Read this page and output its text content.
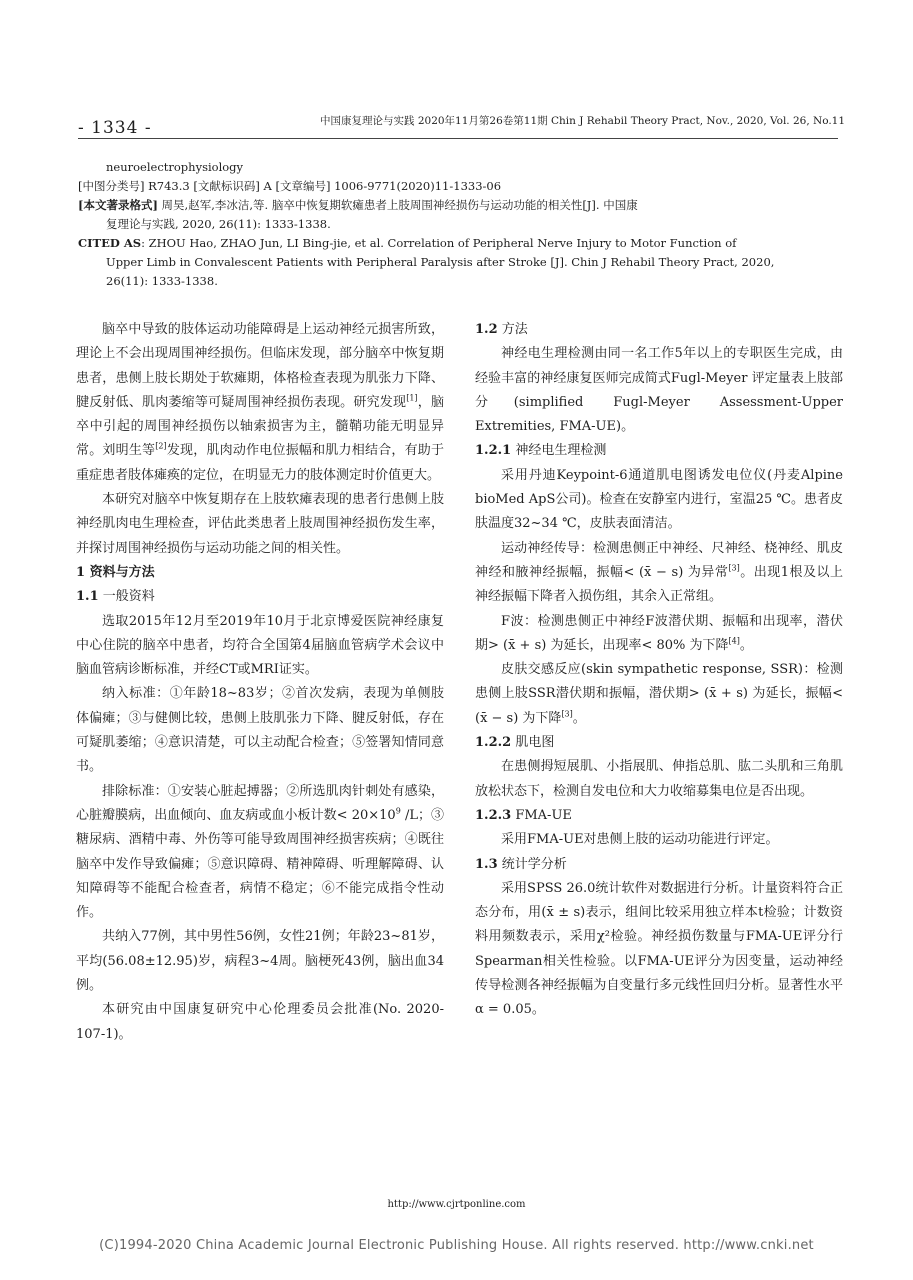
- 1334 -	中国康复理论与实践 2020年11月第26卷第11期 Chin J Rehabil Theory Pract, Nov., 2020, Vol. 26, No.11
neuroelectrophysiology
[中图分类号] R743.3 [文献标识码] A [文章编号] 1006-9771(2020)11-1333-06
[本文著录格式] 周昊,赵军,李冰洁,等. 脑卒中恢复期软瘫患者上肢周围神经损伤与运动功能的相关性[J]. 中国康
复理论与实践, 2020, 26(11): 1333-1338.
CITED AS: ZHOU Hao, ZHAO Jun, LI Bing-jie, et al. Correlation of Peripheral Nerve Injury to Motor Function of
Upper Limb in Convalescent Patients with Peripheral Paralysis after Stroke [J]. Chin J Rehabil Theory Pract, 2020,
26(11): 1333-1338.

脑卒中导致的肢体运动功能障碍是上运动神经元损害所致，理论上不会出现周围神经损伤。但临床发现，部分脑卒中恢复期患者，患侧上肢长期处于软瘫期，体格检查表现为肌张力下降、腱反射低、肌肉萎缩等可疑周围神经损伤表现。研究发现[1]，脑卒中引起的周围神经损伤以轴索损害为主，髓鞘功能无明显异常。刘明生等[2]发现，肌肉动作电位振幅和肌力相结合，有助于重症患者肢体瘫痪的定位，在明显无力的肢体测定时价值更大。

本研究对脑卒中恢复期存在上肢软瘫表现的患者行患侧上肢神经肌肉电生理检查，评估此类患者上肢周围神经损伤发生率，并探讨周围神经损伤与运动功能之间的相关性。

1 资料与方法

1.1 一般资料

选取2015年12月至2019年10月于北京博爱医院神经康复中心住院的脑卒中患者，均符合全国第4届脑血管病学术会议中脑血管病诊断标准，并经CT或MRI证实。

纳入标准：①年龄18~83岁；②首次发病，表现为单侧肢体偏瘫；③与健侧比较，患侧上肢肌张力下降、腱反射低，存在可疑肌萎缩；④意识清楚，可以主动配合检查；⑤签署知情同意书。

排除标准：①安装心脏起搏器；②所选肌肉针刺处有感染，心脏瓣膜病，出血倾向、血友病或血小板计数< $20\times 10^9$ /L；③糖尿病、酒精中毒、外伤等可能导致周围神经损害疾病；④既往脑卒中发作导致偏瘫；⑤意识障碍、精神障碍、听理解障碍、认知障碍等不能配合检查者，病情不稳定；⑥不能完成指令性动作。

共纳入77例，其中男性56例，女性21例；年龄23~81岁，平均(56.08±12.95)岁，病程3~4周。脑梗死43例，脑出血34例。

本研究由中国康复研究中心伦理委员会批准(No. 2020-107-1)。

1.2 方法

神经电生理检测由同一名工作5年以上的专职医生完成，由经验丰富的神经康复医师完成简式Fugl-Meyer 评定量表上肢部分(simplified Fugl-Meyer Assessment-Upper Extremities, FMA-UE)。

1.2.1 神经电生理检测

采用丹迪Keypoint-6通道肌电图诱发电位仪(丹麦Alpine bioMed ApS公司)。检查在安静室内进行，室温25 ℃。患者皮肤温度32~34 ℃，皮肤表面清洁。

运动神经传导：检测患侧正中神经、尺神经、桡神经、肌皮神经和腋神经振幅，振幅< (x̄ − s) 为异常[3]。出现1根及以上神经振幅下降者入损伤组，其余入正常组。

F波：检测患侧正中神经F波潜伏期、振幅和出现率，潜伏期> (x̄ + s) 为延长，出现率< 80% 为下降[4]。

皮肤交感反应(skin sympathetic response, SSR)：检测患侧上肢SSR潜伏期和振幅，潜伏期> (x̄ + s) 为延长，振幅< (x̄ − s) 为下降[3]。

1.2.2 肌电图

在患侧拇短展肌、小指展肌、伸指总肌、肱二头肌和三角肌放松状态下，检测自发电位和大力收缩募集电位是否出现。

1.2.3 FMA-UE

采用FMA-UE对患侧上肢的运动功能进行评定。

1.3 统计学分析

采用SPSS 26.0统计软件对数据进行分析。计量资料符合正态分布，用(x̄ ± s)表示，组间比较采用独立样本t检验；计数资料用频数表示，采用χ²检验。神经损伤数量与FMA-UE评分行Spearman相关性检验。以FMA-UE评分为因变量，运动神经传导检测各神经振幅为自变量行多元线性回归分析。显著性水平α = 0.05。

http://www.cjrtponline.com
(C)1994-2020 China Academic Journal Electronic Publishing House. All rights reserved. http://www.cnki.net
